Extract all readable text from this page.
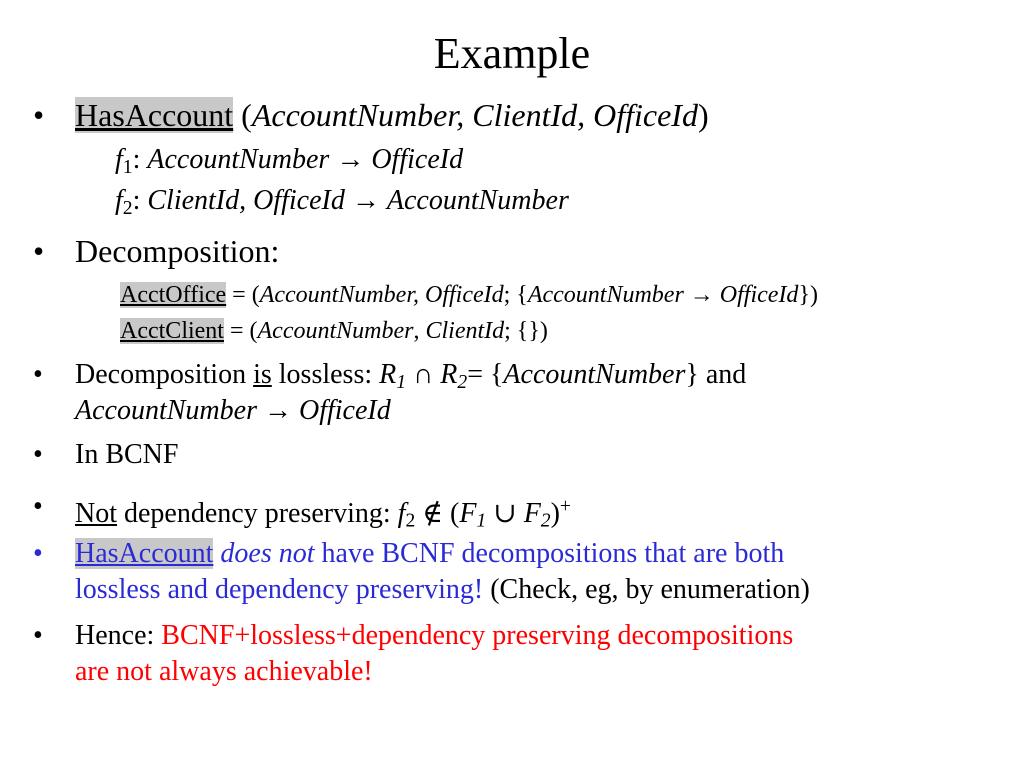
Example
• HasAccount (AccountNumber, ClientId, OfficeId)
f1: AccountNumber → OfficeId
f2: ClientId, OfficeId → AccountNumber
• Decomposition:
AcctOffice = (AccountNumber, OfficeId; {AccountNumber → OfficeId})
AcctClient = (AccountNumber, ClientId; {})
• Decomposition is lossless: R1 ∩ R2= {AccountNumber} and
AccountNumber → OfficeId
• In BCNF
• Not dependency preserving: f2 ∉ (F1 ∪ F2)+
• HasAccount does not have BCNF decompositions that are both
lossless and dependency preserving! (Check, eg, by enumeration)
• Hence: BCNF+lossless+dependency preserving decompositions
are not always achievable!
